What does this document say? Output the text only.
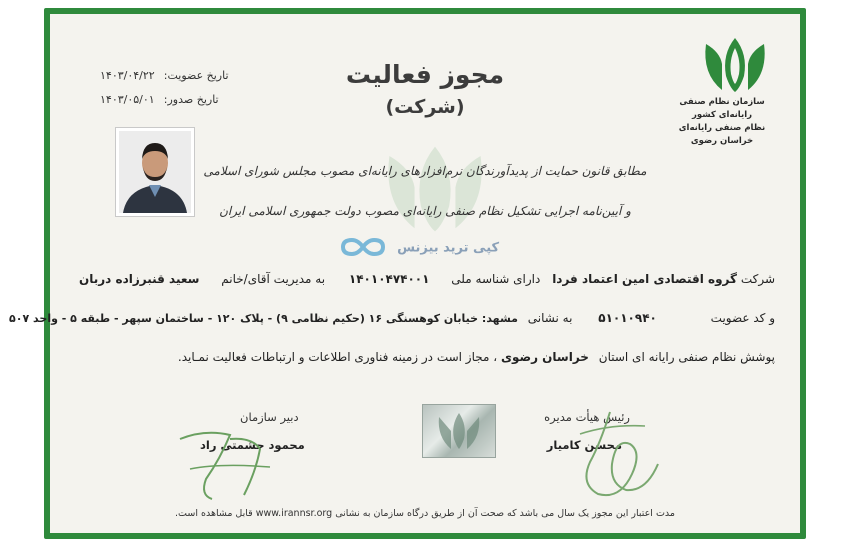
سازمان نظام صنفی رایانه‌ای کشور
نظام صنفی رایانه‌ای خراسان رضوی
مجوز فعالیت
(شرکت)
تاریخ عضویت: ۱۴۰۳/۰۴/۲۲
تاریخ صدور: ۱۴۰۳/۰۵/۰۱
مطابق قانون حمایت از پدیدآورندگان نرم‌افزارهای رایانه‌ای مصوب مجلس شورای اسلامی
و آیین‌نامه اجرایی تشکیل نظام صنفی رایانه‌ای مصوب دولت جمهوری اسلامی ایران
کپی ترید بیزنس
شرکت گروه اقتصادی امین اعتماد فردا دارای شناسه ملی ۱۴۰۱۰۴۷۴۰۰۱ به مدیریت آقای/خانم سعید قنبرزاده دربان
و کد عضویت ۵۱۰۱۰۹۴۰ به نشانی مشهد: خیابان کوهسنگی ۱۶ (حکیم نظامی ۹) - پلاک ۱۲۰ - ساختمان سپهر - طبقه ۵ - واحد ۵۰۷
پوشش نظام صنفی رایانه ای استان خراسان رضوی ، مجاز است در زمینه فناوری اطلاعات و ارتباطات فعالیت نمـاید.
رئیس هیأت مدیره
محسن کامیار
دبیر سازمان
محمود حشمتی راد
مدت اعتبار این مجوز یک سال می باشد که صحت آن از طریق درگاه سازمان به نشانی www.irannsr.org قابل مشاهده است.
